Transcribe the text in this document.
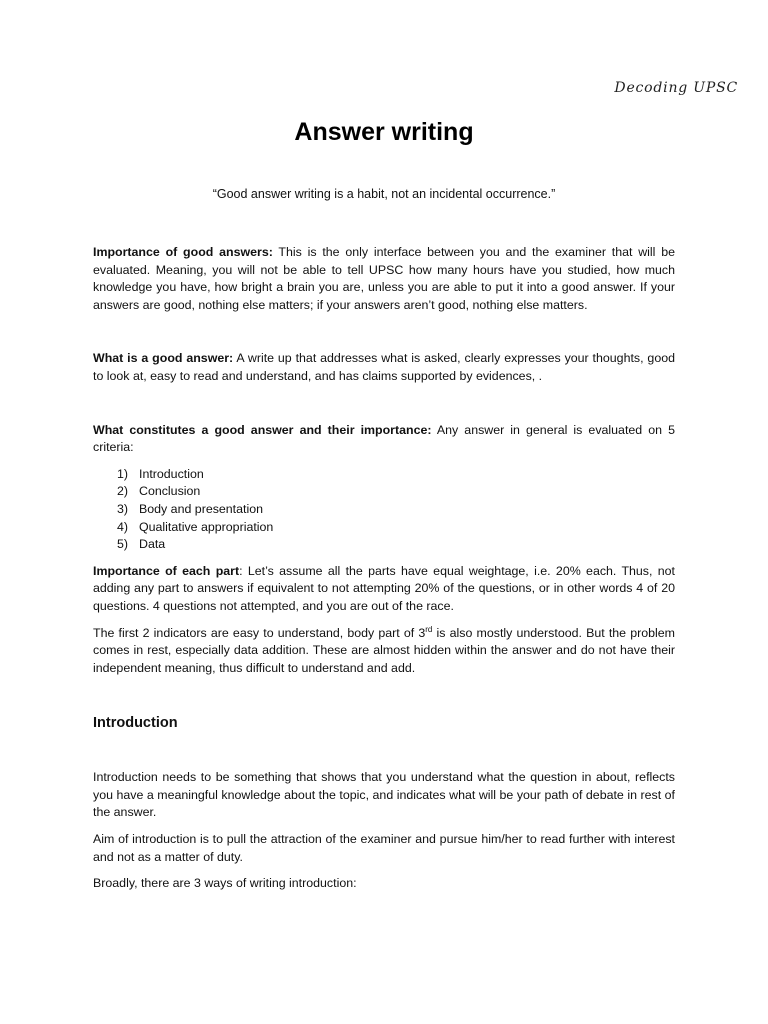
Decoding UPSC
Answer writing
“Good answer writing is a habit, not an incidental occurrence.”

Importance of good answers: This is the only interface between you and the examiner that will be evaluated. Meaning, you will not be able to tell UPSC how many hours have you studied, how much knowledge you have, how bright a brain you are, unless you are able to put it into a good answer. If your answers are good, nothing else matters; if your answers aren’t good, nothing else matters.

What is a good answer: A write up that addresses what is asked, clearly expresses your thoughts, good to look at, easy to read and understand, and has claims supported by evidences, .

What constitutes a good answer and their importance: Any answer in general is evaluated on 5 criteria:

1) Introduction
2) Conclusion
3) Body and presentation
4) Qualitative appropriation
5) Data

Importance of each part: Let’s assume all the parts have equal weightage, i.e. 20% each. Thus, not adding any part to answers if equivalent to not attempting 20% of the questions, or in other words 4 of 20 questions. 4 questions not attempted, and you are out of the race.

The first 2 indicators are easy to understand, body part of 3rd is also mostly understood. But the problem comes in rest, especially data addition. These are almost hidden within the answer and do not have their independent meaning, thus difficult to understand and add.

Introduction

Introduction needs to be something that shows that you understand what the question in about, reflects you have a meaningful knowledge about the topic, and indicates what will be your path of debate in rest of the answer.

Aim of introduction is to pull the attraction of the examiner and pursue him/her to read further with interest and not as a matter of duty.

Broadly, there are 3 ways of writing introduction:
